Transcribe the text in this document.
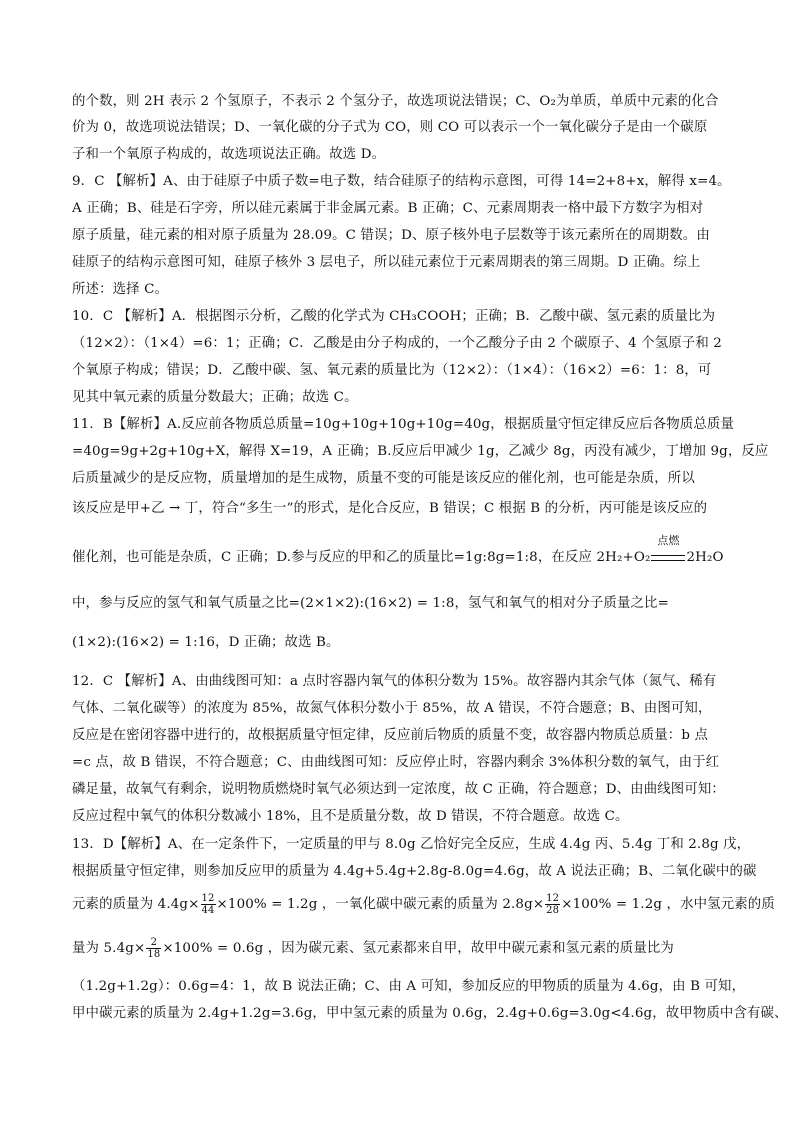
的个数，则 2H 表示 2 个氢原子，不表示 2 个氢分子，故选项说法错误；C、O₂为单质，单质中元素的化合
价为 0，故选项说法错误；D、一氧化碳的分子式为 CO，则 CO 可以表示一个一氧化碳分子是由一个碳原
子和一个氧原子构成的，故选项说法正确。故选 D。
9．C 【解析】A、由于硅原子中质子数=电子数，结合硅原子的结构示意图，可得 14=2+8+x，解得 x=4。
A 正确；B、硅是石字旁，所以硅元素属于非金属元素。B 正确；C、元素周期表一格中最下方数字为相对
原子质量，硅元素的相对原子质量为 28.09。C 错误；D、原子核外电子层数等于该元素所在的周期数。由
硅原子的结构示意图可知，硅原子核外 3 层电子，所以硅元素位于元素周期表的第三周期。D 正确。综上
所述：选择 C。
10．C 【解析】A．根据图示分析，乙酸的化学式为 CH₃COOH；正确；B．乙酸中碳、氢元素的质量比为
（12×2）：（1×4）=6：1；正确；C．乙酸是由分子构成的，一个乙酸分子由 2 个碳原子、4 个氢原子和 2
个氧原子构成；错误；D．乙酸中碳、氢、氧元素的质量比为（12×2）：（1×4）：（16×2）=6：1：8，可
见其中氧元素的质量分数最大；正确；故选 C。
11．B【解析】A.反应前各物质总质量=10g+10g+10g+10g=40g，根据质量守恒定律反应后各物质总质量
=40g=9g+2g+10g+X，解得 X=19，A 正确；B.反应后甲减少 1g，乙减少 8g，丙没有减少，丁增加 9g，反应
后质量减少的是反应物，质量增加的是生成物，质量不变的可能是该反应的催化剂，也可能是杂质，所以
该反应是甲+乙 → 丁，符合“多生一”的形式，是化合反应，B 错误；C 根据 B 的分析，丙可能是该反应的
催化剂，也可能是杂质，C 正确；D.参与反应的甲和乙的质量比=1g:8g=1:8，在反应 2H₂+O₂
点燃
2H₂O
中，参与反应的氢气和氧气质量之比=(2×1×2):(16×2) = 1:8，氢气和氧气的相对分子质量之比=
(1×2):(16×2) = 1:16，D 正确；故选 B。
12．C 【解析】A、由曲线图可知：a 点时容器内氧气的体积分数为 15%。故容器内其余气体（氮气、稀有
气体、二氧化碳等）的浓度为 85%，故氮气体积分数小于 85%，故 A 错误，不符合题意；B、由图可知，
反应是在密闭容器中进行的，故根据质量守恒定律，反应前后物质的质量不变，故容器内物质总质量：b 点
=c 点，故 B 错误，不符合题意；C、由曲线图可知：反应停止时，容器内剩余 3%体积分数的氧气，由于红
磷足量，故氧气有剩余，说明物质燃烧时氧气必须达到一定浓度，故 C 正确，符合题意；D、由曲线图可知：
反应过程中氧气的体积分数减小 18%，且不是质量分数，故 D 错误，不符合题意。故选 C。
13．D【解析】A、在一定条件下，一定质量的甲与 8.0g 乙恰好完全反应，生成 4.4g 丙、5.4g 丁和 2.8g 戊，
根据质量守恒定律，则参加反应甲的质量为 4.4g+5.4g+2.8g-8.0g=4.6g，故 A 说法正确；B、二氧化碳中的碳
元素的质量为 $4.4g\times \frac{12}{44} \times 100\% = 1.2g$ ，一氧化碳中碳元素的质量为 $2.8g\times \frac{12}{28} \times 100\% = 1.2g$ ，水中氢元素的质
量为 $5.4g\times \frac{2}{18} \times 100\% = 0.6g$ ，因为碳元素、氢元素都来自甲，故甲中碳元素和氢元素的质量比为
（1.2g+1.2g）：0.6g=4：1，故 B 说法正确；C、由 A 可知，参加反应的甲物质的质量为 4.6g，由 B 可知，
甲中碳元素的质量为 2.4g+1.2g=3.6g，甲中氢元素的质量为 0.6g，2.4g+0.6g=3.0g<4.6g，故甲物质中含有碳、
